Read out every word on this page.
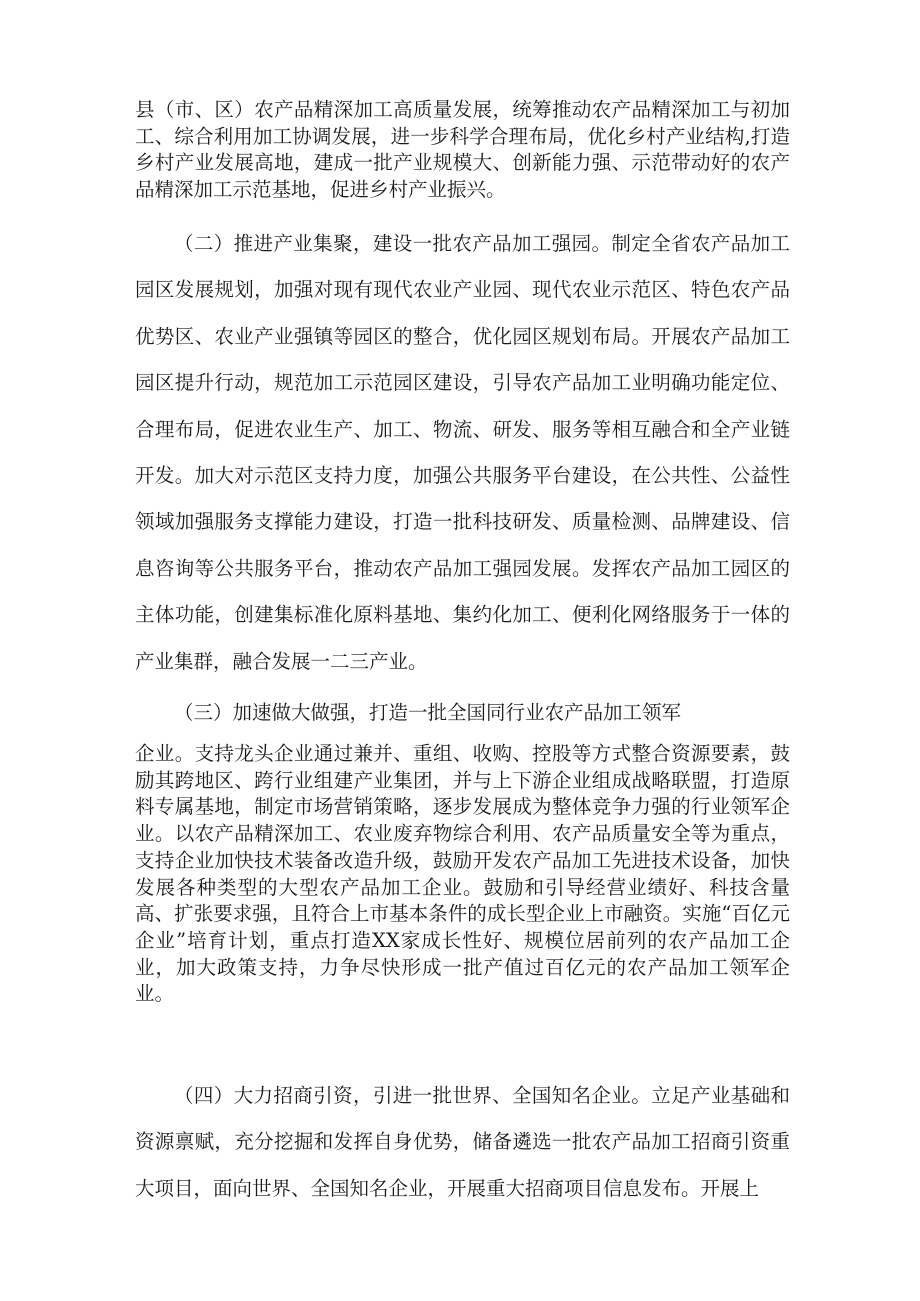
县（市、区）农产品精深加工高质量发展，统筹推动农产品精深加工与初加工、综合利用加工协调发展，进一步科学合理布局，优化乡村产业结构,打造乡村产业发展高地，建成一批产业规模大、创新能力强、示范带动好的农产品精深加工示范基地，促进乡村产业振兴。

（二）推进产业集聚，建设一批农产品加工强园。制定全省农产品加工园区发展规划，加强对现有现代农业产业园、现代农业示范区、特色农产品优势区、农业产业强镇等园区的整合，优化园区规划布局。开展农产品加工园区提升行动，规范加工示范园区建设，引导农产品加工业明确功能定位、合理布局，促进农业生产、加工、物流、研发、服务等相互融合和全产业链开发。加大对示范区支持力度，加强公共服务平台建设，在公共性、公益性领域加强服务支撑能力建设，打造一批科技研发、质量检测、品牌建设、信息咨询等公共服务平台，推动农产品加工强园发展。发挥农产品加工园区的主体功能，创建集标准化原料基地、集约化加工、便利化网络服务于一体的产业集群，融合发展一二三产业。

（三）加速做大做强，打造一批全国同行业农产品加工领军

企业。支持龙头企业通过兼并、重组、收购、控股等方式整合资源要素，鼓励其跨地区、跨行业组建产业集团，并与上下游企业组成战略联盟，打造原料专属基地，制定市场营销策略，逐步发展成为整体竞争力强的行业领军企业。以农产品精深加工、农业废弃物综合利用、农产品质量安全等为重点，支持企业加快技术装备改造升级，鼓励开发农产品加工先进技术设备，加快发展各种类型的大型农产品加工企业。鼓励和引导经营业绩好、科技含量高、扩张要求强，且符合上市基本条件的成长型企业上市融资。实施“百亿元企业”培育计划，重点打造XX家成长性好、规模位居前列的农产品加工企业，加大政策支持，力争尽快形成一批产值过百亿元的农产品加工领军企业。

（四）大力招商引资，引进一批世界、全国知名企业。立足产业基础和资源禀赋，充分挖掘和发挥自身优势，储备遴选一批农产品加工招商引资重大项目，面向世界、全国知名企业，开展重大招商项目信息发布。开展上
